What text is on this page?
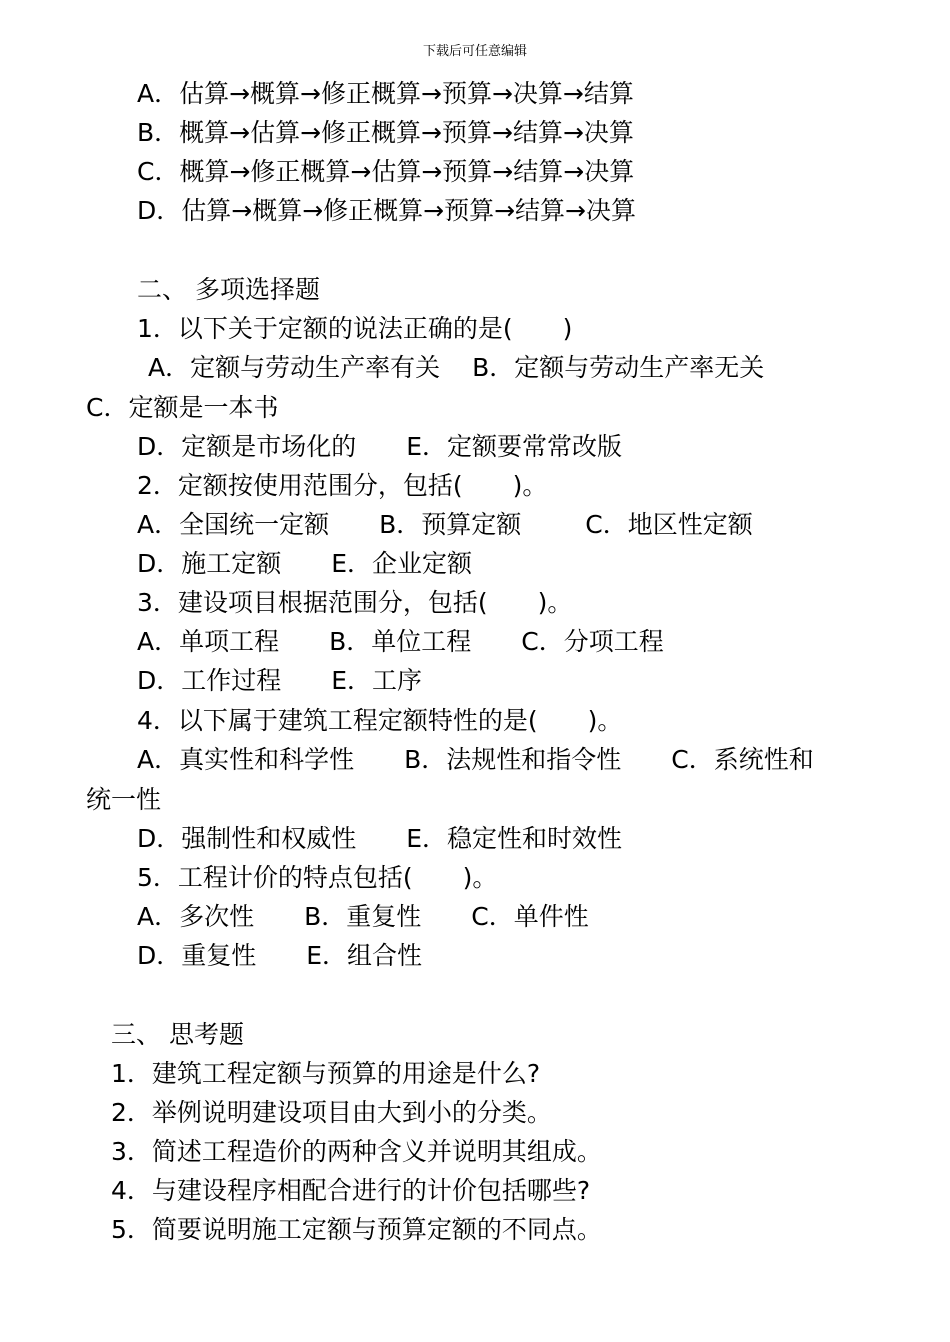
下载后可任意编辑
A．估算→概算→修正概算→预算→决算→结算
B．概算→估算→修正概算→预算→结算→决算
C．概算→修正概算→估算→预算→结算→决算
D．估算→概算→修正概算→预算→结算→决算
二、 多项选择题
1．以下关于定额的说法正确的是(　　)
A．定额与劳动生产率有关 B．定额与劳动生产率无关
C．定额是一本书
D．定额是市场化的 E．定额要常常改版
2．定额按使用范围分，包括(　　)。
A．全国统一定额 B．预算定额	C．地区性定额
D．施工定额 E．企业定额
3．建设项目根据范围分，包括(　　)。
A．单项工程 B．单位工程 C．分项工程
D．工作过程 E．工序
4．以下属于建筑工程定额特性的是(　　)。
A．真实性和科学性 B．法规性和指令性 C．系统性和
统一性
D．强制性和权威性 E．稳定性和时效性
5．工程计价的特点包括(　　)。
A．多次性 B．重复性 C．单件性
D．重复性 E．组合性
三、 思考题
1．建筑工程定额与预算的用途是什么?
2．举例说明建设项目由大到小的分类。
3．简述工程造价的两种含义并说明其组成。
4．与建设程序相配合进行的计价包括哪些?
5．简要说明施工定额与预算定额的不同点。
